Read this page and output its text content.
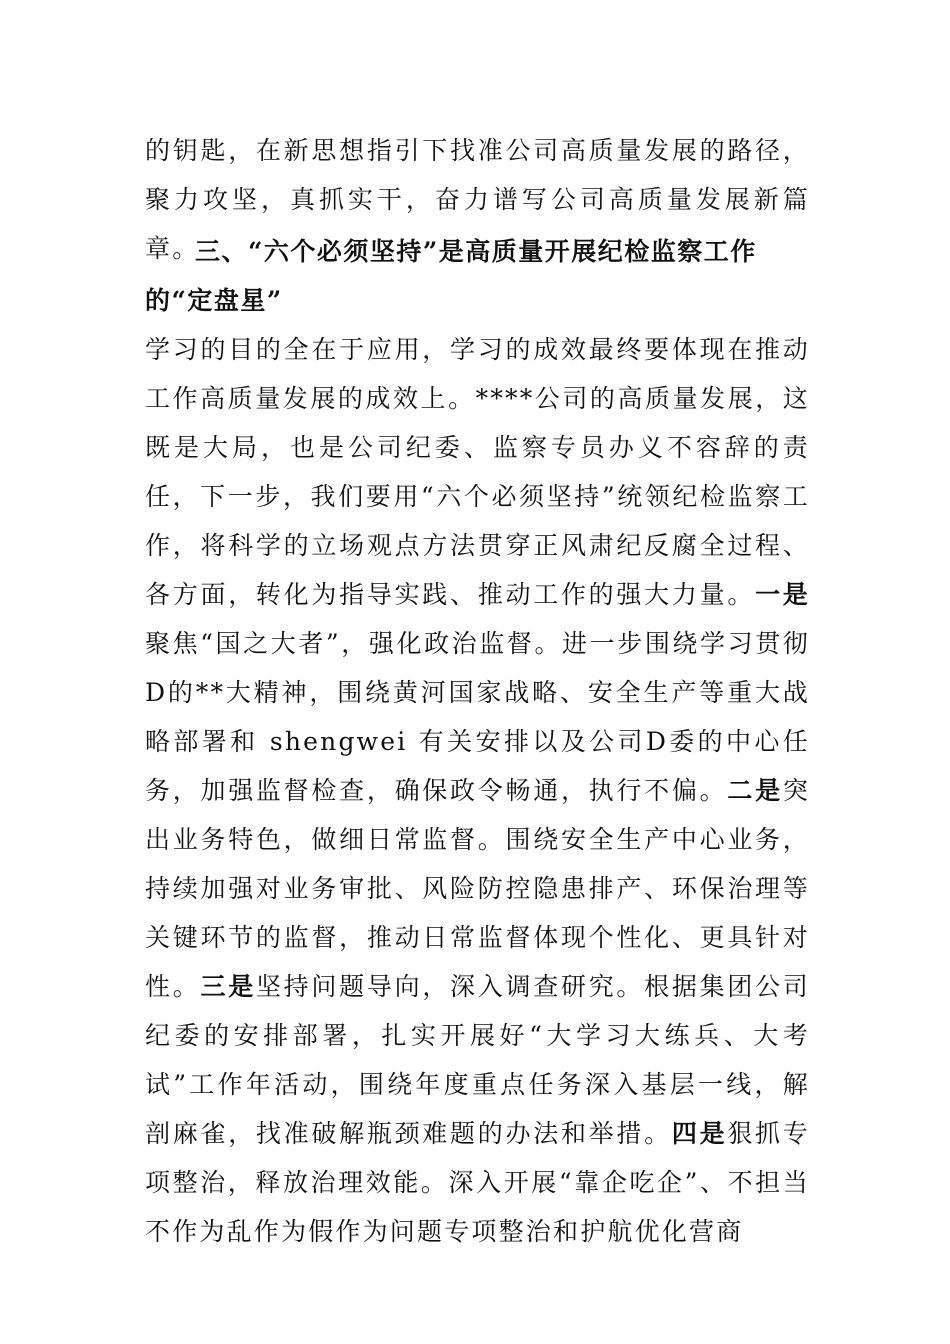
的钥匙，在新思想指引下找准公司高质量发展的路径，聚力攻坚，真抓实干，奋力谱写公司高质量发展新篇章。
三、“六个必须坚持”是高质量开展纪检监察工作的“定盘星”
学习的目的全在于应用，学习的成效最终要体现在推动工作高质量发展的成效上。****公司的高质量发展，这既是大局，也是公司纪委、监察专员办义不容辞的责任，下一步，我们要用“六个必须坚持”统领纪检监察工作，将科学的立场观点方法贯穿正风肃纪反腐全过程、各方面，转化为指导实践、推动工作的强大力量。一是聚焦“国之大者”，强化政治监督。进一步围绕学习贯彻D的**大精神，围绕黄河国家战略、安全生产等重大战略部署和 shengwei 有关安排以及公司D委的中心任务，加强监督检查，确保政令畅通，执行不偏。二是突出业务特色，做细日常监督。围绕安全生产中心业务，持续加强对业务审批、风险防控隐患排产、环保治理等关键环节的监督，推动日常监督体现个性化、更具针对性。三是坚持问题导向，深入调查研究。根据集团公司纪委的安排部署，扎实开展好“大学习大练兵、大考试”工作年活动，围绕年度重点任务深入基层一线，解剖麻雀，找准破解瓶颈难题的办法和举措。四是狠抓专项整治，释放治理效能。深入开展“靠企吃企”、不担当不作为乱作为假作为问题专项整治和护航优化营商
